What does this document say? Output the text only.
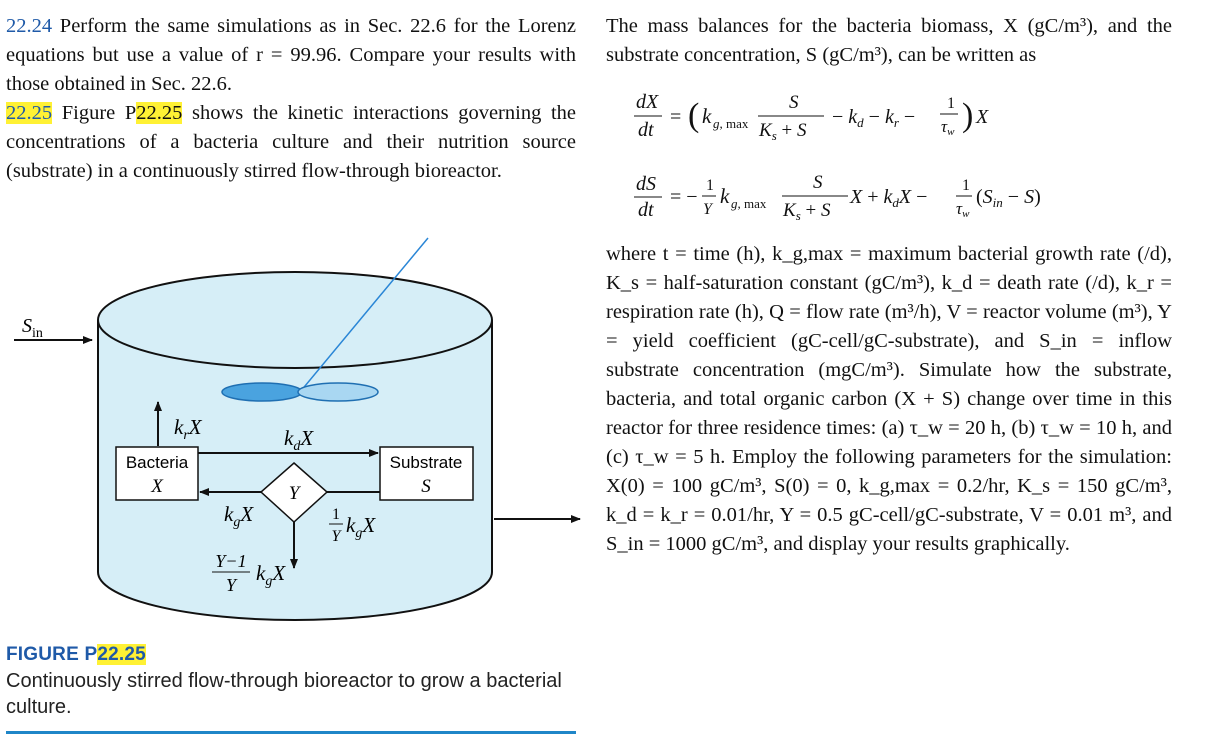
22.24 Perform the same simulations as in Sec. 22.6 for the Lorenz equations but use a value of r = 99.96. Compare your results with those obtained in Sec. 22.6.

22.25 Figure P22.25 shows the kinetic interactions governing the concentrations of a bacteria culture and their nutrition source (substrate) in a continuously stirred flow-through bioreactor.

$S_{in}$
$k_rX$
Bacteria
X
Substrate
S
$k_dX$
Y
$k_gX$	1
Y $k_gX$
Y−1
Y $k_gX$
FIGURE P22.25
Continuously stirred flow-through bioreactor to grow a bacterial culture.

The mass balances for the bacteria biomass, X (gC/m³), and the substrate concentration, S (gC/m³), can be written as

dX
dt
= ( k g, max
S
$K_s + S$
− $k_d - k_r$ −
1
τw ) X
dS
dt
= −
1
Y
k g, max
S
$K_s + S$
$X + k_dX$ −
1
τw
$(S_{in} - S)$
where t = time (h), k_g,max = maximum bacterial growth rate (/d), K_s = half-saturation constant (gC/m³), k_d = death rate (/d), k_r = respiration rate (h), Q = flow rate (m³/h), V = reactor volume (m³), Y = yield coefficient (gC-cell/gC-substrate), and S_in = inflow substrate concentration (mgC/m³). Simulate how the substrate, bacteria, and total organic carbon (X + S) change over time in this reactor for three residence times: (a) τ_w = 20 h, (b) τ_w = 10 h, and (c) τ_w = 5 h. Employ the following parameters for the simulation: X(0) = 100 gC/m³, S(0) = 0, k_g,max = 0.2/hr, K_s = 150 gC/m³, k_d = k_r = 0.01/hr, Y = 0.5 gC-cell/gC-substrate, V = 0.01 m³, and S_in = 1000 gC/m³, and display your results graphically.
